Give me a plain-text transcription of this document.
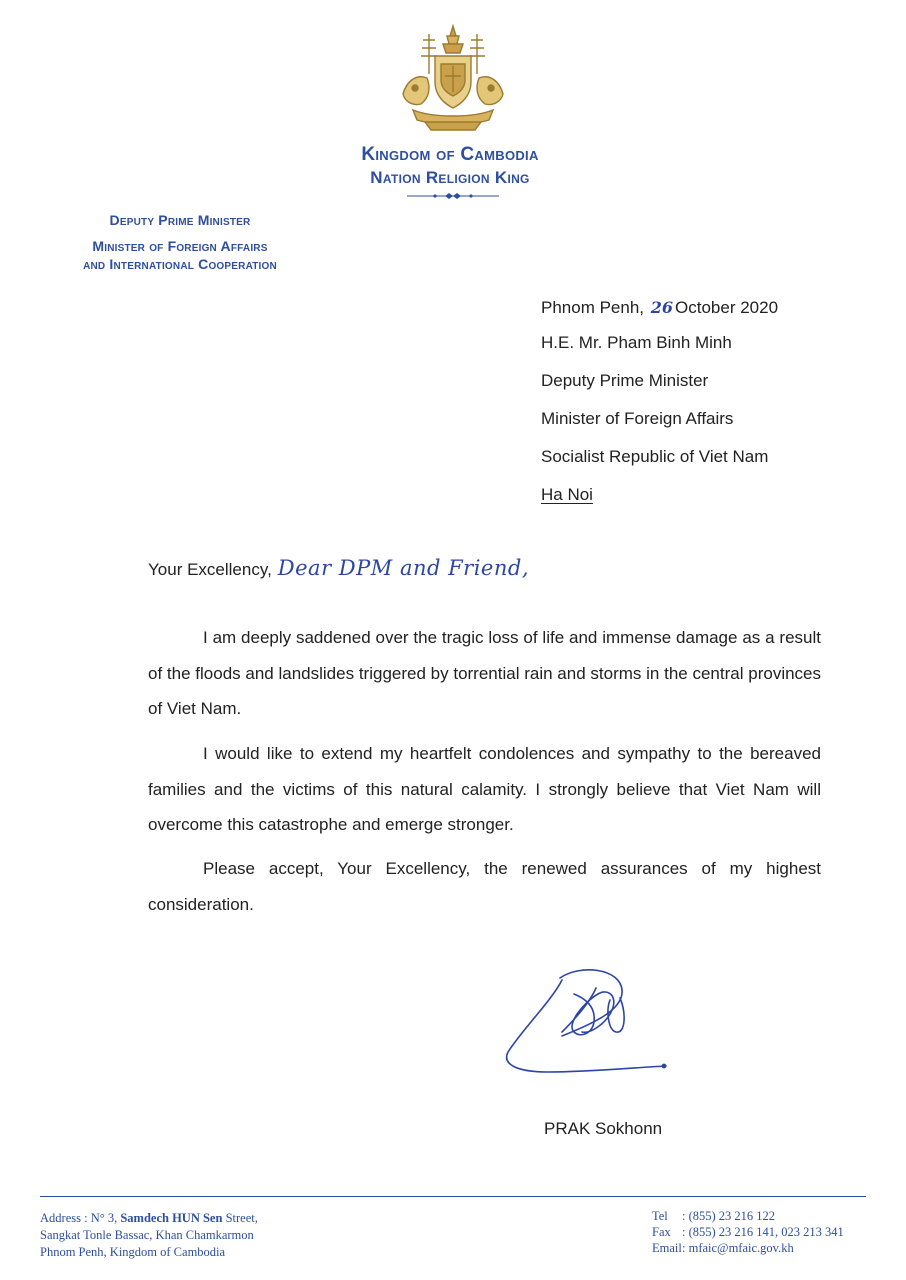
Kingdom of Cambodia
Nation Religion King
Deputy Prime Minister
Minister of Foreign Affairs
and International Cooperation
Phnom Penh, 26 October 2020
H.E. Mr. Pham Binh Minh
Deputy Prime Minister
Minister of Foreign Affairs
Socialist Republic of Viet Nam
Ha Noi
Your Excellency, Dear DPM and Friend,

I am deeply saddened over the tragic loss of life and immense damage as a result of the floods and landslides triggered by torrential rain and storms in the central provinces of Viet Nam.

I would like to extend my heartfelt condolences and sympathy to the bereaved families and the victims of this natural calamity. I strongly believe that Viet Nam will overcome this catastrophe and emerge stronger.

Please accept, Your Excellency, the renewed assurances of my highest consideration.

PRAK Sokhonn
Address : N° 3, Samdech HUN Sen Street,
Sangkat Tonle Bassac, Khan Chamkarmon
Phnom Penh, Kingdom of Cambodia
Tel : (855) 23 216 122
Fax : (855) 23 216 141, 023 213 341
Email: mfaic@mfaic.gov.kh
